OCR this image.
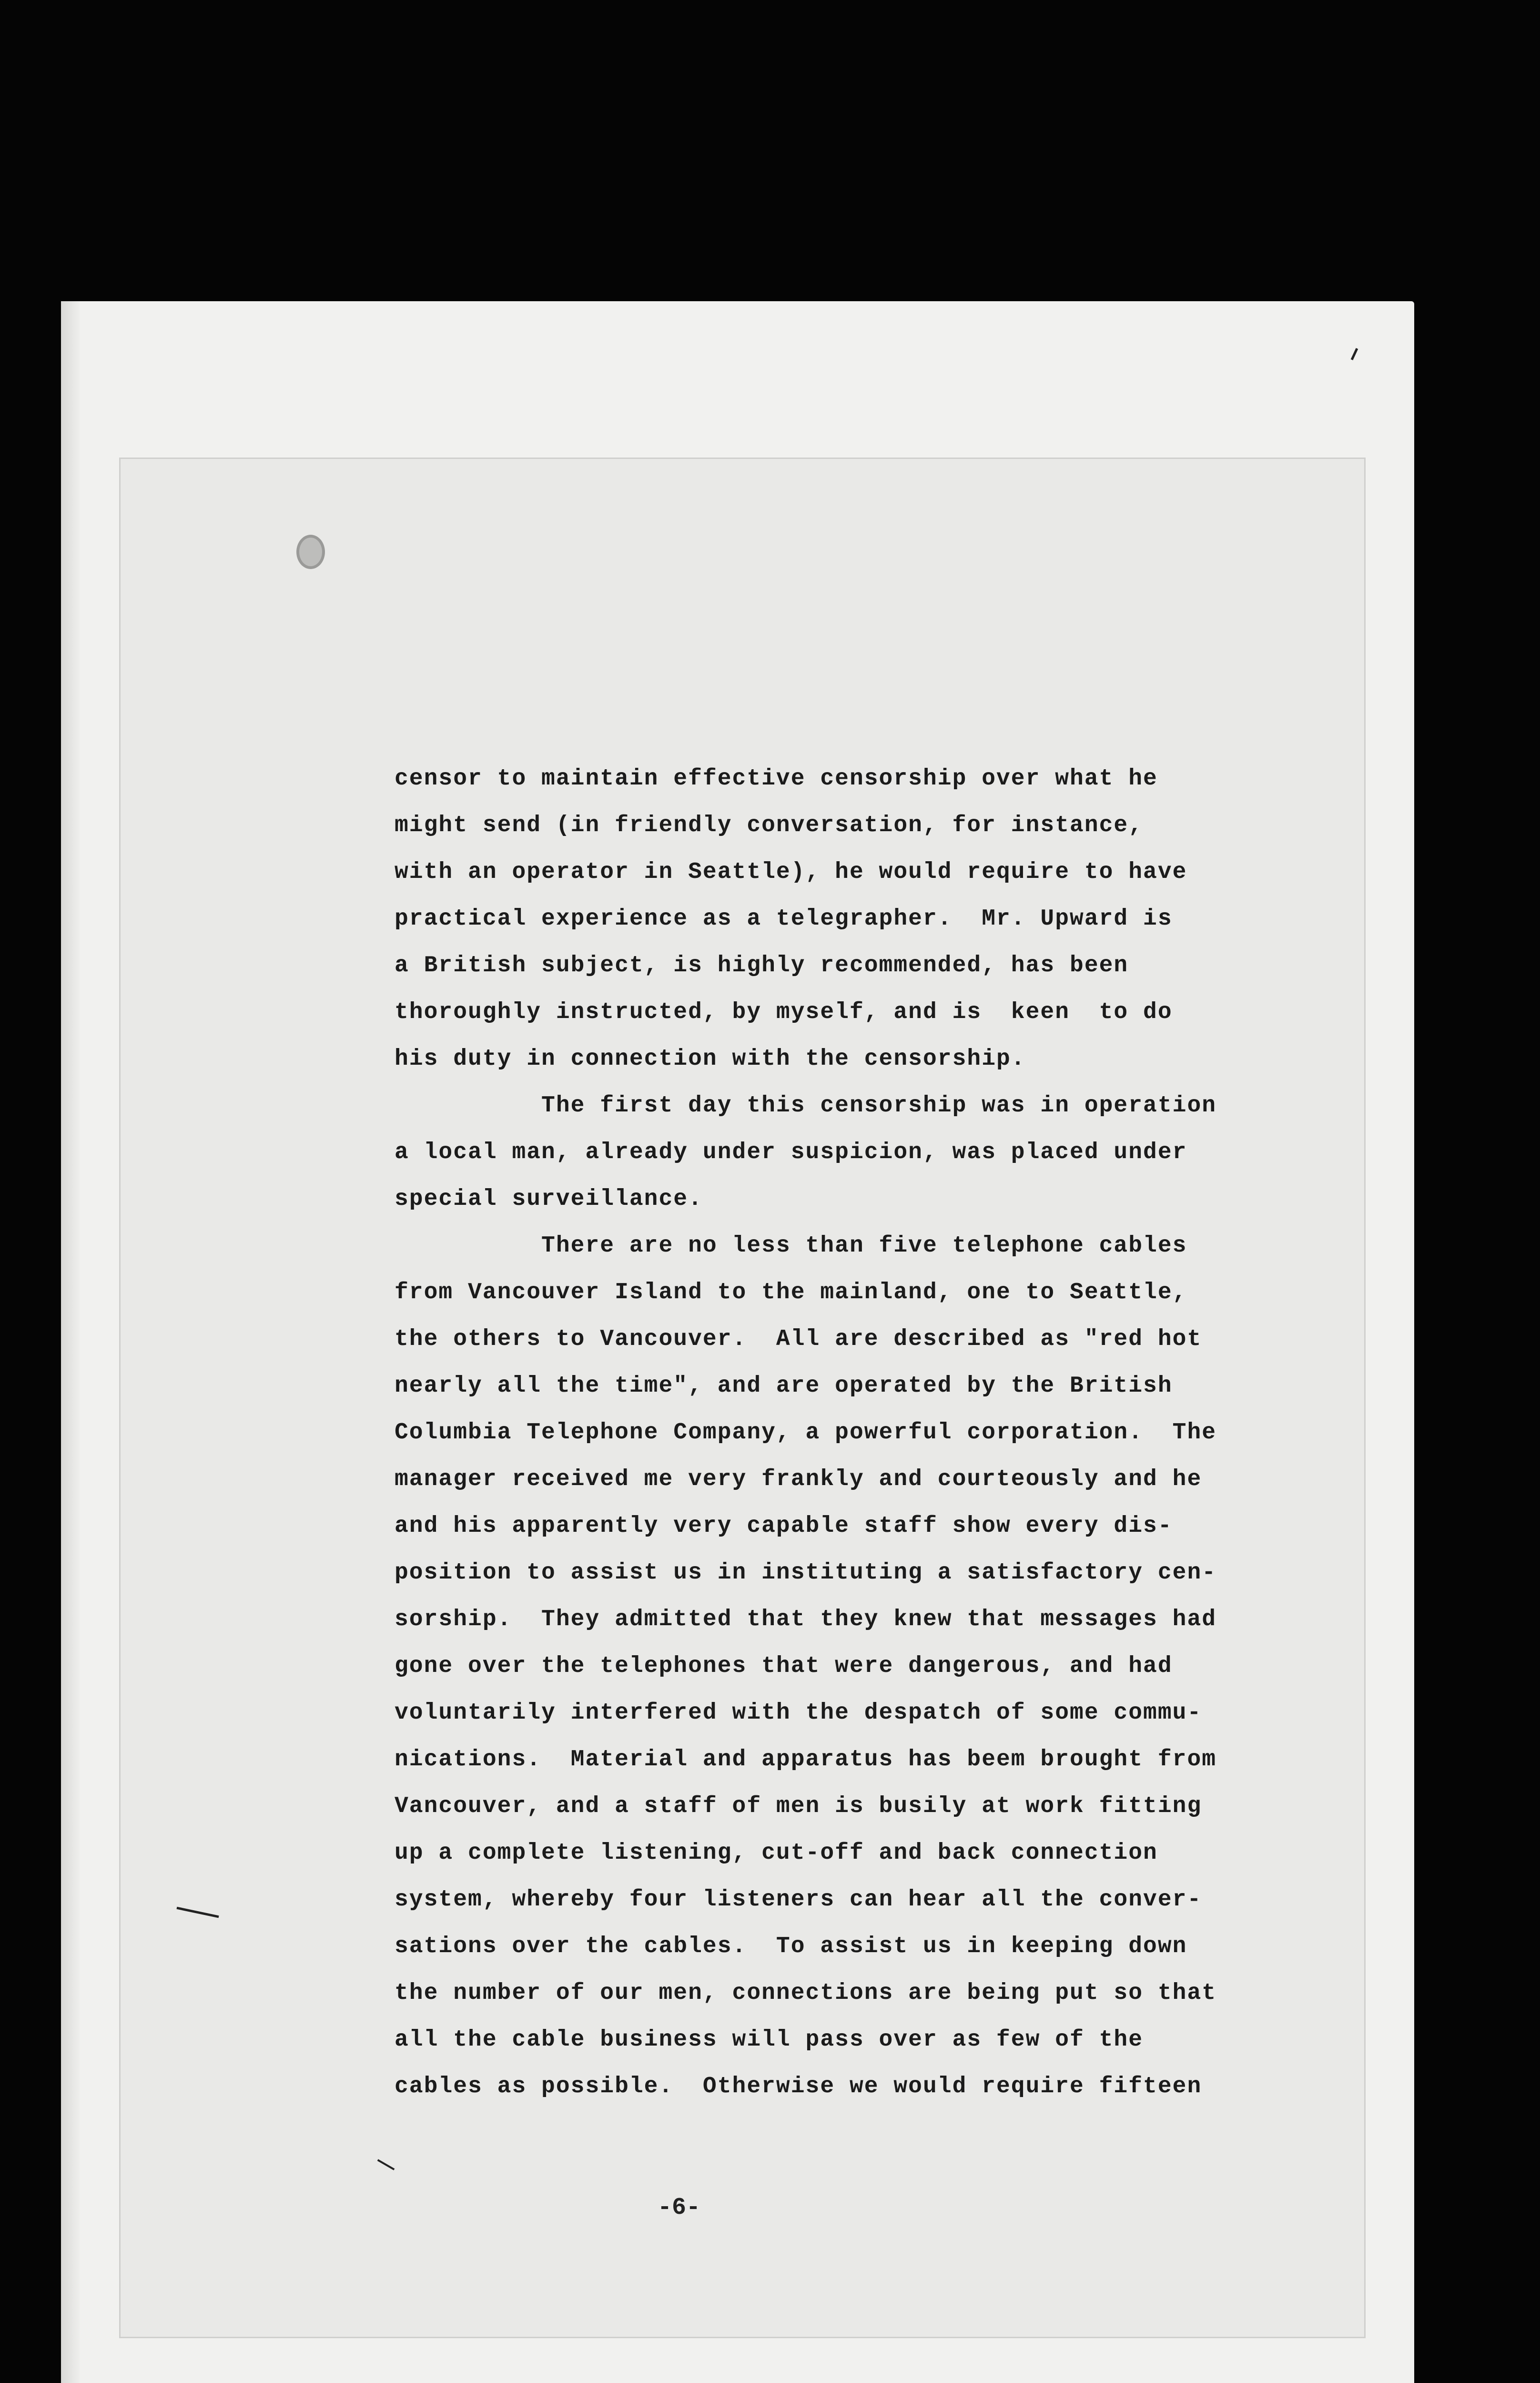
censor to maintain effective censorship over what he
might send (in friendly conversation, for instance,
with an operator in Seattle), he would require to have
practical experience as a telegrapher.  Mr. Upward is
a British subject, is highly recommended, has been
thoroughly instructed, by myself, and is  keen  to do
his duty in connection with the censorship.
The first day this censorship was in operation
a local man, already under suspicion, was placed under
special surveillance.
There are no less than five telephone cables
from Vancouver Island to the mainland, one to Seattle,
the others to Vancouver.  All are described as "red hot
nearly all the time", and are operated by the British
Columbia Telephone Company, a powerful corporation.  The
manager received me very frankly and courteously and he
and his apparently very capable staff show every dis-
position to assist us in instituting a satisfactory cen-
sorship.  They admitted that they knew that messages had
gone over the telephones that were dangerous, and had
voluntarily interfered with the despatch of some commu-
nications.  Material and apparatus has beem brought from
Vancouver, and a staff of men is busily at work fitting
up a complete listening, cut-off and back connection
system, whereby four listeners can hear all the conver-
sations over the cables.  To assist us in keeping down
the number of our men, connections are being put so that
all the cable business will pass over as few of the
cables as possible.  Otherwise we would require fifteen
-6-
